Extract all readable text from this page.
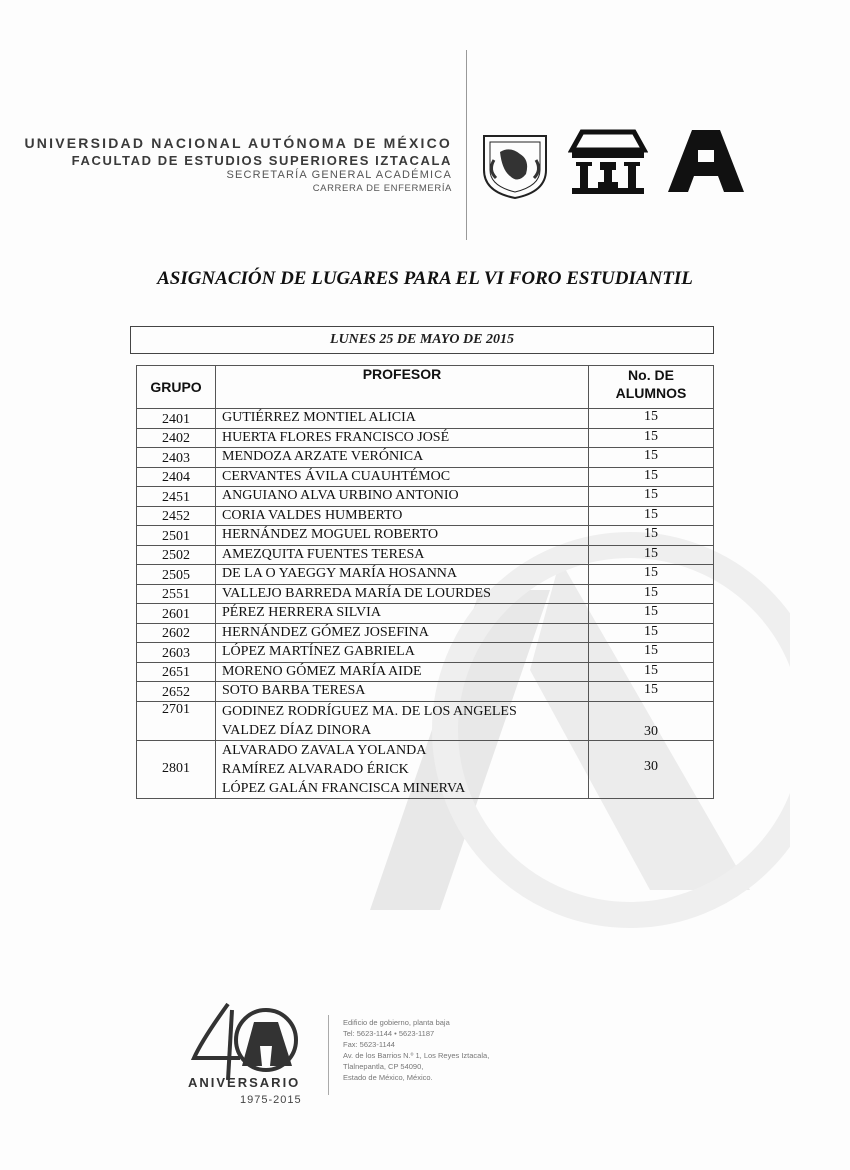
UNIVERSIDAD NACIONAL AUTÓNOMA DE MÉXICO
FACULTAD DE ESTUDIOS SUPERIORES IZTACALA
SECRETARÍA GENERAL ACADÉMICA
CARRERA DE ENFERMERÍA
ASIGNACIÓN DE LUGARES PARA EL VI FORO ESTUDIANTIL
LUNES 25 DE MAYO DE 2015
GRUPO	PROFESOR	No. DE
ALUMNOS
2401	GUTIÉRREZ MONTIEL ALICIA	15
2402	HUERTA FLORES FRANCISCO JOSÉ	15
2403	MENDOZA ARZATE VERÓNICA	15
2404	CERVANTES ÁVILA CUAUHTÉMOC	15
2451	ANGUIANO ALVA URBINO ANTONIO	15
2452	CORIA VALDES HUMBERTO	15
2501	HERNÁNDEZ MOGUEL ROBERTO	15
2502	AMEZQUITA FUENTES TERESA	15
2505	DE LA O YAEGGY MARÍA HOSANNA	15
2551	VALLEJO BARREDA MARÍA DE LOURDES	15
2601	PÉREZ HERRERA SILVIA	15
2602	HERNÁNDEZ GÓMEZ JOSEFINA	15
2603	LÓPEZ MARTÍNEZ GABRIELA	15
2651	MORENO GÓMEZ MARÍA AIDE	15
2652	SOTO BARBA TERESA	15
2701	GODINEZ RODRÍGUEZ MA. DE LOS ANGELES
VALDEZ DÍAZ DINORA	30
2801	ALVARADO ZAVALA YOLANDA
RAMÍREZ ALVARADO ÉRICK
LÓPEZ GALÁN FRANCISCA MINERVA	30
ANIVERSARIO
1975-2015
Edificio de gobierno, planta baja
Tel: 5623-1144 • 5623-1187
Fax: 5623-1144
Av. de los Barrios N.º 1, Los Reyes Iztacala,
Tlalnepantla, CP 54090,
Estado de México, México.
